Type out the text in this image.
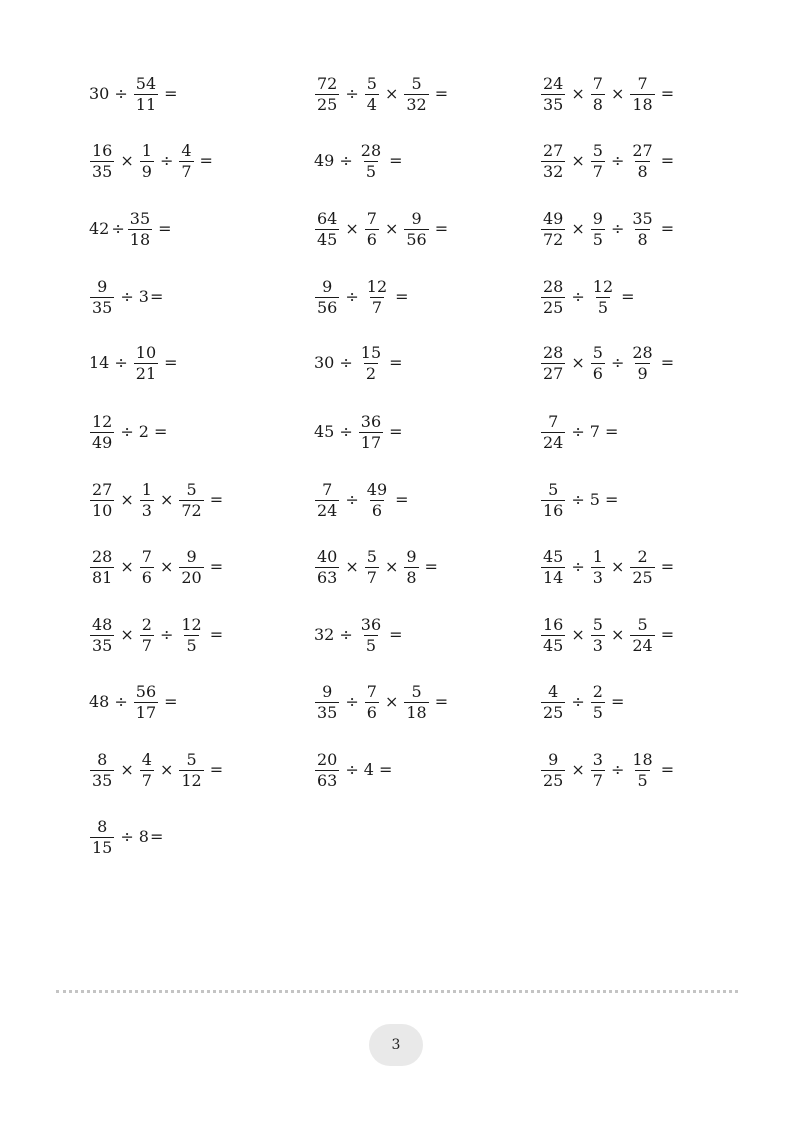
$30 \div \frac{54}{11}$ =	$\frac{72}{25} \div \frac{5}{4} \times \frac{5}{32}$ =	$\frac{24}{35} \times \frac{7}{8} \times \frac{7}{18}$ =
$\frac{16}{35} \times \frac{1}{9} \div \frac{4}{7}$ =	$49 \div \frac{28}{5}$ =	$\frac{27}{32} \times \frac{5}{7} \div \frac{27}{8}$ =
$42 \div \frac{35}{18}$ =	$\frac{64}{45} \times \frac{7}{6} \times \frac{9}{56}$ =	$\frac{49}{72} \times \frac{9}{5} \div \frac{35}{8}$ =
$\frac{9}{35} \div 3$ =	$\frac{9}{56} \div \frac{12}{7}$ =	$\frac{28}{25} \div \frac{12}{5}$ =
$14 \div \frac{10}{21}$ =	$30 \div \frac{15}{2}$ =	$\frac{28}{27} \times \frac{5}{6} \div \frac{28}{9}$ =
$\frac{12}{49} \div 2$ =	$45 \div \frac{36}{17}$ =	$\frac{7}{24} \div 7$ =
$\frac{27}{10} \times \frac{1}{3} \times \frac{5}{72}$ =	$\frac{7}{24} \div \frac{49}{6}$ =	$\frac{5}{16} \div 5$ =
$\frac{28}{81} \times \frac{7}{6} \times \frac{9}{20}$ =	$\frac{40}{63} \times \frac{5}{7} \times \frac{9}{8}$ =	$\frac{45}{14} \div \frac{1}{3} \times \frac{2}{25}$ =
$\frac{48}{35} \times \frac{2}{7} \div \frac{12}{5}$ =	$32 \div \frac{36}{5}$ =	$\frac{16}{45} \times \frac{5}{3} \times \frac{5}{24}$ =
$48 \div \frac{56}{17}$ =	$\frac{9}{35} \div \frac{7}{6} \times \frac{5}{18}$ =	$\frac{4}{25} \div \frac{2}{5}$ =
$\frac{8}{35} \times \frac{4}{7} \times \frac{5}{12}$ =	$\frac{20}{63} \div 4$ =	$\frac{9}{25} \times \frac{3}{7} \div \frac{18}{5}$ =
$\frac{8}{15} \div 8$ =
3
